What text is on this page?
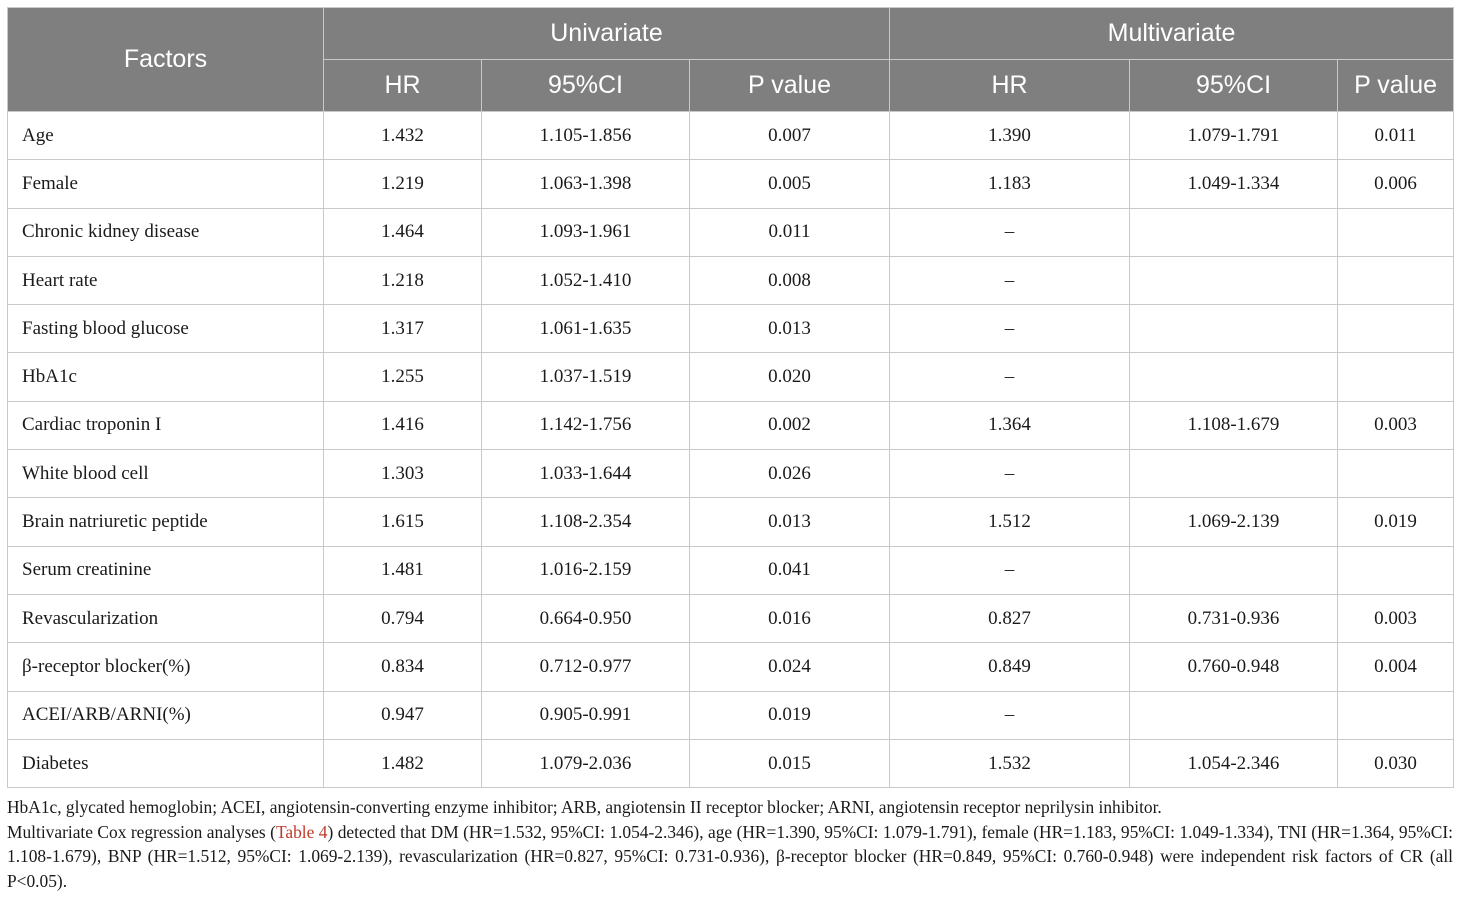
Factors	Univariate			Multivariate		
	HR	95%CI	P value	HR	95%CI	P value
Age	1.432	1.105-1.856	0.007	1.390	1.079-1.791	0.011
Female	1.219	1.063-1.398	0.005	1.183	1.049-1.334	0.006
Chronic kidney disease	1.464	1.093-1.961	0.011	–		
Heart rate	1.218	1.052-1.410	0.008	–		
Fasting blood glucose	1.317	1.061-1.635	0.013	–		
HbA1c	1.255	1.037-1.519	0.020	–		
Cardiac troponin I	1.416	1.142-1.756	0.002	1.364	1.108-1.679	0.003
White blood cell	1.303	1.033-1.644	0.026	–		
Brain natriuretic peptide	1.615	1.108-2.354	0.013	1.512	1.069-2.139	0.019
Serum creatinine	1.481	1.016-2.159	0.041	–		
Revascularization	0.794	0.664-0.950	0.016	0.827	0.731-0.936	0.003
β-receptor blocker(%)	0.834	0.712-0.977	0.024	0.849	0.760-0.948	0.004
ACEI/ARB/ARNI(%)	0.947	0.905-0.991	0.019	–		
Diabetes	1.482	1.079-2.036	0.015	1.532	1.054-2.346	0.030

HbA1c, glycated hemoglobin; ACEI, angiotensin-converting enzyme inhibitor; ARB, angiotensin II receptor blocker; ARNI, angiotensin receptor neprilysin inhibitor.

Multivariate Cox regression analyses (Table 4) detected that DM (HR=1.532, 95%CI: 1.054-2.346), age (HR=1.390, 95%CI: 1.079-1.791), female (HR=1.183, 95%CI: 1.049-1.334), TNI (HR=1.364, 95%CI: 1.108-1.679), BNP (HR=1.512, 95%CI: 1.069-2.139), revascularization (HR=0.827, 95%CI: 0.731-0.936), β-receptor blocker (HR=0.849, 95%CI: 0.760-0.948) were independent risk factors of CR (all P<0.05).
